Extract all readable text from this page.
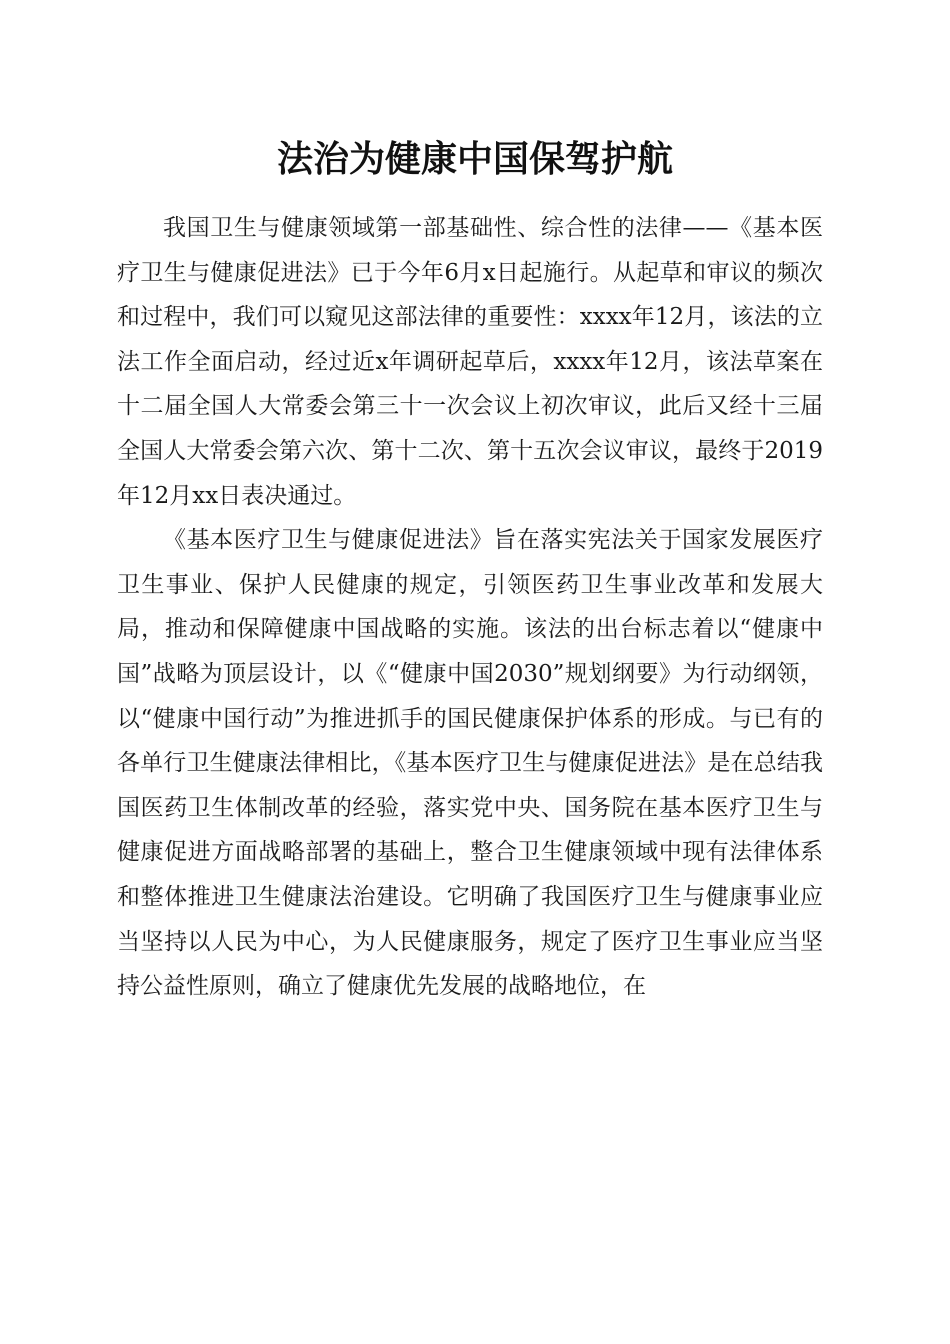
法治为健康中国保驾护航

我国卫生与健康领域第一部基础性、综合性的法律——《基本医疗卫生与健康促进法》已于今年6月x日起施行。从起草和审议的频次和过程中，我们可以窥见这部法律的重要性：xxxx年12月，该法的立法工作全面启动，经过近x年调研起草后，xxxx年12月，该法草案在十二届全国人大常委会第三十一次会议上初次审议，此后又经十三届全国人大常委会第六次、第十二次、第十五次会议审议，最终于2019年12月xx日表决通过。

《基本医疗卫生与健康促进法》旨在落实宪法关于国家发展医疗卫生事业、保护人民健康的规定，引领医药卫生事业改革和发展大局，推动和保障健康中国战略的实施。该法的出台标志着以“健康中国”战略为顶层设计，以《“健康中国2030”规划纲要》为行动纲领，以“健康中国行动”为推进抓手的国民健康保护体系的形成。与已有的各单行卫生健康法律相比，《基本医疗卫生与健康促进法》是在总结我国医药卫生体制改革的经验，落实党中央、国务院在基本医疗卫生与健康促进方面战略部署的基础上，整合卫生健康领域中现有法律体系和整体推进卫生健康法治建设。它明确了我国医疗卫生与健康事业应当坚持以人民为中心，为人民健康服务，规定了医疗卫生事业应当坚持公益性原则，确立了健康优先发展的战略地位，在
